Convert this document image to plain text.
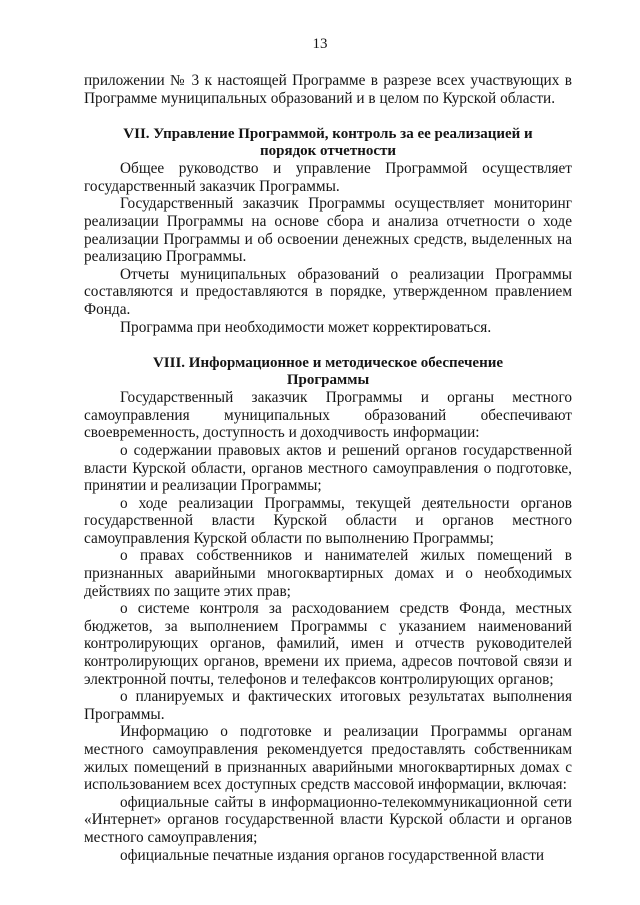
13

приложении № 3 к настоящей Программе в разрезе всех участвующих в Программе муниципальных образований и в целом по Курской области.

VII. Управление Программой, контроль за ее реализацией и
порядок отчетности

Общее руководство и управление Программой осуществляет государственный заказчик Программы.

Государственный заказчик Программы осуществляет мониторинг реализации Программы на основе сбора и анализа отчетности о ходе реализации Программы и об освоении денежных средств, выделенных на реализацию Программы.

Отчеты муниципальных образований о реализации Программы составляются и предоставляются в порядке, утвержденном правлением Фонда.

Программа при необходимости может корректироваться.

VIII. Информационное и методическое обеспечение
Программы

Государственный заказчик Программы и органы местного самоуправления муниципальных образований обеспечивают своевременность, доступность и доходчивость информации:

о содержании правовых актов и решений органов государственной власти Курской области, органов местного самоуправления о подготовке, принятии и реализации Программы;

о ходе реализации Программы, текущей деятельности органов государственной власти Курской области и органов местного самоуправления Курской области по выполнению Программы;

о правах собственников и нанимателей жилых помещений в признанных аварийными многоквартирных домах и о необходимых действиях по защите этих прав;

о системе контроля за расходованием средств Фонда, местных бюджетов, за выполнением Программы с указанием наименований контролирующих органов, фамилий, имен и отчеств руководителей контролирующих органов, времени их приема, адресов почтовой связи и электронной почты, телефонов и телефаксов контролирующих органов;

о планируемых и фактических итоговых результатах выполнения Программы.

Информацию о подготовке и реализации Программы органам местного самоуправления рекомендуется предоставлять собственникам жилых помещений в признанных аварийными многоквартирных домах с использованием всех доступных средств массовой информации, включая:

официальные сайты в информационно-телекоммуникационной сети «Интернет» органов государственной власти Курской области и органов местного самоуправления;

официальные печатные издания органов государственной власти
